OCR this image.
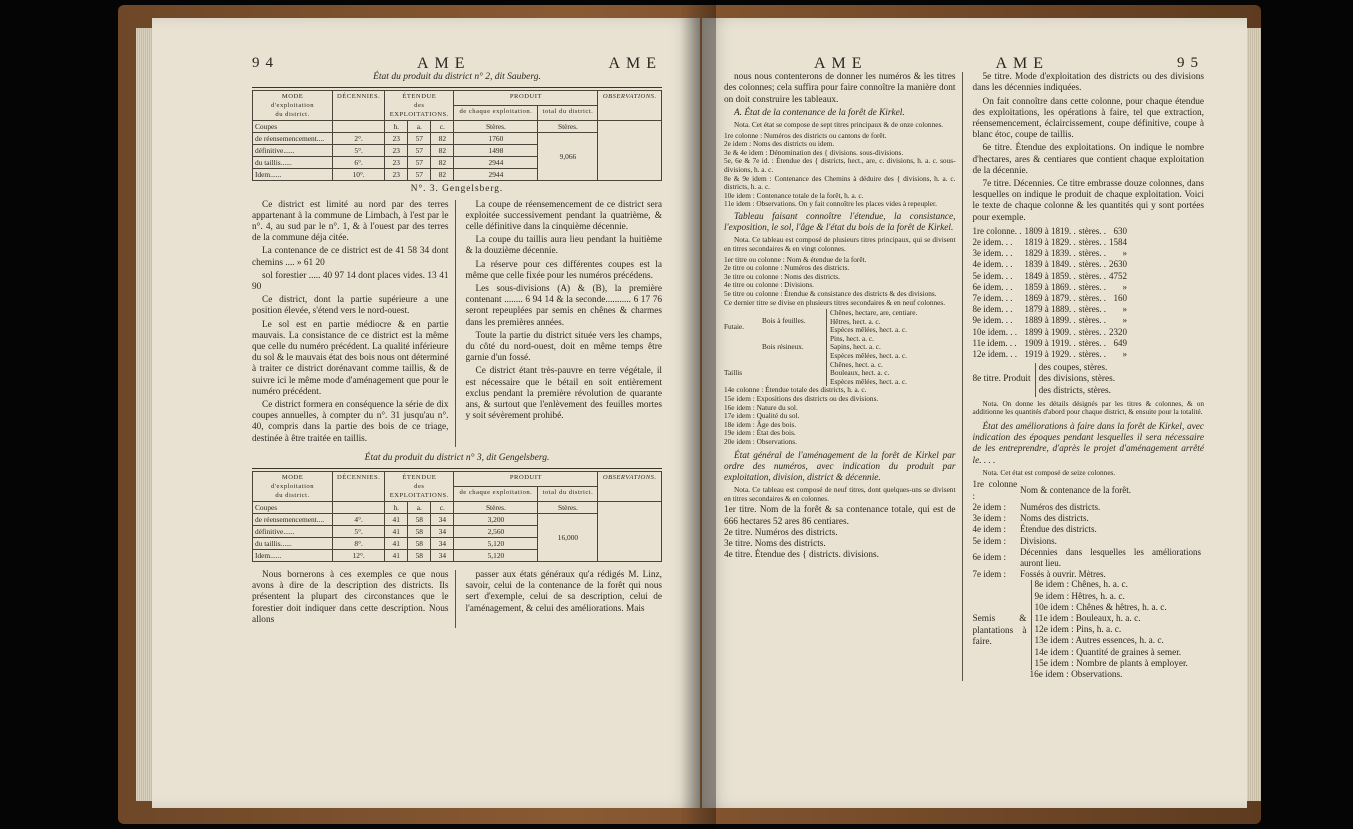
94	AME	AME
État du produit du district n° 2, dit Sauberg.
MODE
d'exploitation
du district.	DÉCENNIES.	ÉTENDUE
des
EXPLOITATIONS.			PRODUIT		OBSERVATIONS.
					de chaque exploitation.	total du district.	
Coupes		h.	a.	c.	Stères.	Stères.	
de réensemencement....	2°.	23	57	82	1760	9,066	
définitive......	5°.	23	57	82	1498		
du taillis......	6°.	23	57	82	2944		
Idem......	10°.	23	57	82	2944		
N°. 3. Gengelsberg.

Ce district est limité au nord par des terres appartenant à la commune de Limbach, à l'est par le n°. 4, au sud par le n°. 1, & à l'ouest par des terres de la commune déja citée.

La contenance de ce district est de 41 58 34 dont chemins .... » 61 20

sol forestier ..... 40 97 14 dont places vides. 13 41 90

Ce district, dont la partie supérieure a une position élevée, s'étend vers le nord-ouest.

Le sol est en partie médiocre & en partie mauvais. La consistance de ce district est la même que celle du numéro précédent. La qualité inférieure du sol & le mauvais état des bois nous ont déterminé à traiter ce district dorénavant comme taillis, & de suivre ici le même mode d'aménagement que pour le numéro précédent.

Ce district formera en conséquence la série de dix coupes annuelles, à compter du n°. 31 jusqu'au n°. 40, compris dans la partie des bois de ce triage, destinée à être traitée en taillis.

La coupe de réensemencement de ce district sera exploitée successivement pendant la quatrième, & celle définitive dans la cinquième décennie.

La coupe du taillis aura lieu pendant la huitième & la douzième décennie.

La réserve pour ces différentes coupes est la même que celle fixée pour les numéros précédens.

Les sous-divisions (A) & (B), la première contenant ........ 6 94 14 & la seconde........... 6 17 76 seront repeuplées par semis en chênes & charmes dans les premières années.

Toute la partie du district située vers les champs, du côté du nord-ouest, doit en même temps être garnie d'un fossé.

Ce district étant très-pauvre en terre végétale, il est nécessaire que le bétail en soit entièrement exclus pendant la première révolution de quarante ans, & surtout que l'enlèvement des feuilles mortes y soit sévèrement prohibé.

État du produit du district n° 3, dit Gengelsberg.
MODE
d'exploitation
du district.	DÉCENNIES.	ÉTENDUE
des
EXPLOITATIONS.			PRODUIT		OBSERVATIONS.
					de chaque exploitation.	total du district.	
Coupes		h.	a.	c.	Stères.	Stères.	
de réensemencement....	4°.	41	58	34	3,200	16,000	
définitive......	5°.	41	58	34	2,560		
du taillis......	8°.	41	58	34	5,120		
Idem......	12°.	41	58	34	5,120		

Nous bornerons à ces exemples ce que nous avons à dire de la description des districts. Ils présentent la plupart des circonstances que le forestier doit indiquer dans cette description. Nous allons

passer aux états généraux qu'a rédigés M. Linz, savoir, celui de la contenance de la forêt qui nous sert d'exemple, celui de sa description, celui de l'aménagement, & celui des améliorations. Mais

AME	AME	95

nous nous contenterons de donner les numéros & les titres des colonnes; cela suffira pour faire connoître la manière dont on doit construire les tableaux.

A. État de la contenance de la forêt de Kirkel.

Nota. Cet état se compose de sept titres principaux & de onze colonnes.

1re colonne : Numéros des districts ou cantons de forêt.
2e idem : Noms des districts ou idem.
3e & 4e idem : Dénomination des { divisions. sous-divisions.
5e, 6e & 7e id. : Étendue des { districts, hect., are, c. divisions, h. a. c. sous-divisions, h. a. c.
8e & 9e idem : Contenance des Chemins à déduire des { divisions, h. a. c. districts, h. a. c.
10e idem : Contenance totale de la forêt, h. a. c.
11e idem : Observations. On y fait connoître les places vides à repeupler.

Tableau faisant connoître l'étendue, la consistance, l'exposition, le sol, l'âge & l'état du bois de la forêt de Kirkel.

Nota. Ce tableau est composé de plusieurs titres principaux, qui se divisent en titres secondaires & en vingt colonnes.

1er titre ou colonne : Nom & étendue de la forêt.
2e titre ou colonne : Numéros des districts.
3e titre ou colonne : Noms des districts.
4e titre ou colonne : Divisions.
5e titre ou colonne : Étendue & consistance des districts & des divisions.
Ce dernier titre se divise en plusieurs titres secondaires & en neuf colonnes.
Futaie.
Bois à feuilles.
Chênes, hectare, are, centiare.
Hêtres, hect. a. c.
Espèces mêlées, hect. a. c.
Bois résineux.
Pins, hect. a. c.
Sapins, hect. a. c.
Espèces mêlées, hect. a. c.
Taillis
Chênes, hect. a. c.
Bouleaux, hect. a. c.
Espèces mêlées, hect. a. c.
14e colonne : Étendue totale des districts, h. a. c.
15e idem : Expositions des districts ou des divisions.
16e idem : Nature du sol.
17e idem : Qualité du sol.
18e idem : Âge des bois.
19e idem : État des bois.
20e idem : Observations.

État général de l'aménagement de la forêt de Kirkel par ordre des numéros, avec indication du produit par exploitation, division, district & décennie.

Nota. Ce tableau est composé de neuf titres, dont quelques-uns se divisent en titres secondaires & en colonnes.

1er titre. Nom de la forêt & sa contenance totale, qui est de 666 hectares 52 ares 86 centiares.
2e titre. Numéros des districts.
3e titre. Noms des districts.
4e titre. Étendue des { districts. divisions.

5e titre. Mode d'exploitation des districts ou des divisions dans les décennies indiquées.

On fait connoître dans cette colonne, pour chaque étendue des exploitations, les opérations à faire, tel que extraction, réensemencement, éclaircissement, coupe définitive, coupe à blanc étoc, coupe de taillis.

6e titre. Étendue des exploitations. On indique le nombre d'hectares, ares & centiares que contient chaque exploitation de la décennie.

7e titre. Décennies. Ce titre embrasse douze colonnes, dans lesquelles on indique le produit de chaque exploitation. Voici le texte de chaque colonne & les quantités qui y sont portées pour exemple.

1re colonne. .	1809 à 1819. .	stères. .	630
2e idem. . .	1819 à 1829. .	stères. .	1584
3e idem. . .	1829 à 1839. .	stères. .	»
4e idem. . .	1839 à 1849. .	stères. .	2630
5e idem. . .	1849 à 1859. .	stères. .	4752
6e idem. . .	1859 à 1869. .	stères. .	»
7e idem. . .	1869 à 1879. .	stères. .	160
8e idem. . .	1879 à 1889. .	stères. .	»
9e idem. . .	1889 à 1899. .	stères. .	»
10e idem. . .	1899 à 1909. .	stères. .	2320
11e idem. . .	1909 à 1919. .	stères. .	649
12e idem. . .	1919 à 1929. .	stères. .	»
8e titre. Produit
des coupes, stères.
des divisions, stères.
des districts, stères.

Nota. On donne les détails désignés par les titres & colonnes, & on additionne les quantités d'abord pour chaque district, & ensuite pour la totalité.

État des améliorations à faire dans la forêt de Kirkel, avec indication des époques pendant lesquelles il sera nécessaire de les entreprendre, d'après le projet d'aménagement arrêté le. . . .

Nota. Cet état est composé de seize colonnes.

1re colonne :	Nom & contenance de la forêt.
2e idem :	Numéros des districts.
3e idem :	Noms des districts.
4e idem :	Étendue des districts.
5e idem :	Divisions.
6e idem :	Décennies dans lesquelles les améliorations auront lieu.
7e idem :	Fossés à ouvrir. Mètres.
Semis & plantations à faire.
8e idem : Chênes, h. a. c.
9e idem : Hêtres, h. a. c.
10e idem : Chênes & hêtres, h. a. c.
11e idem : Bouleaux, h. a. c.
12e idem : Pins, h. a. c.
13e idem : Autres essences, h. a. c.
14e idem : Quantité de graines à semer.
15e idem : Nombre de plants à employer.
16e idem : Observations.
